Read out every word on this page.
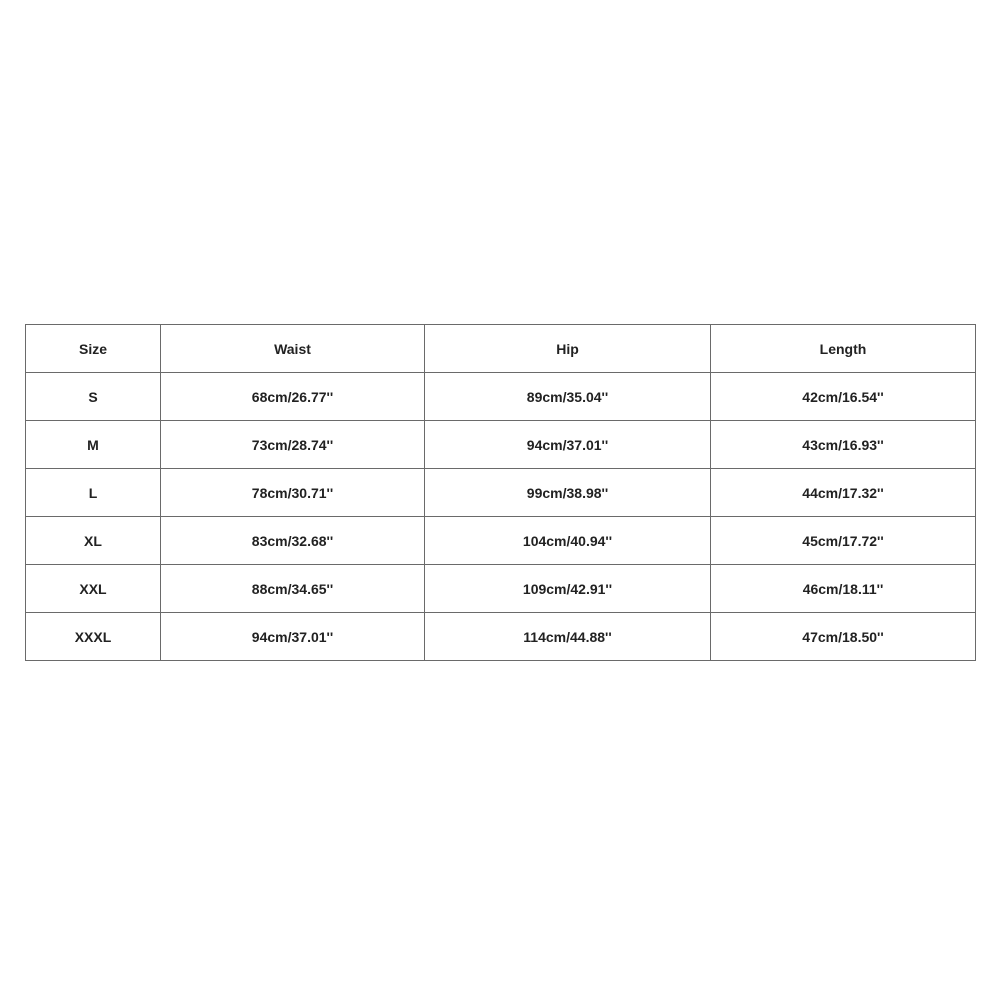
Size	Waist	Hip	Length
S	68cm/26.77''	89cm/35.04''	42cm/16.54''
M	73cm/28.74''	94cm/37.01''	43cm/16.93''
L	78cm/30.71''	99cm/38.98''	44cm/17.32''
XL	83cm/32.68''	104cm/40.94''	45cm/17.72''
XXL	88cm/34.65''	109cm/42.91''	46cm/18.11''
XXXL	94cm/37.01''	114cm/44.88''	47cm/18.50''
